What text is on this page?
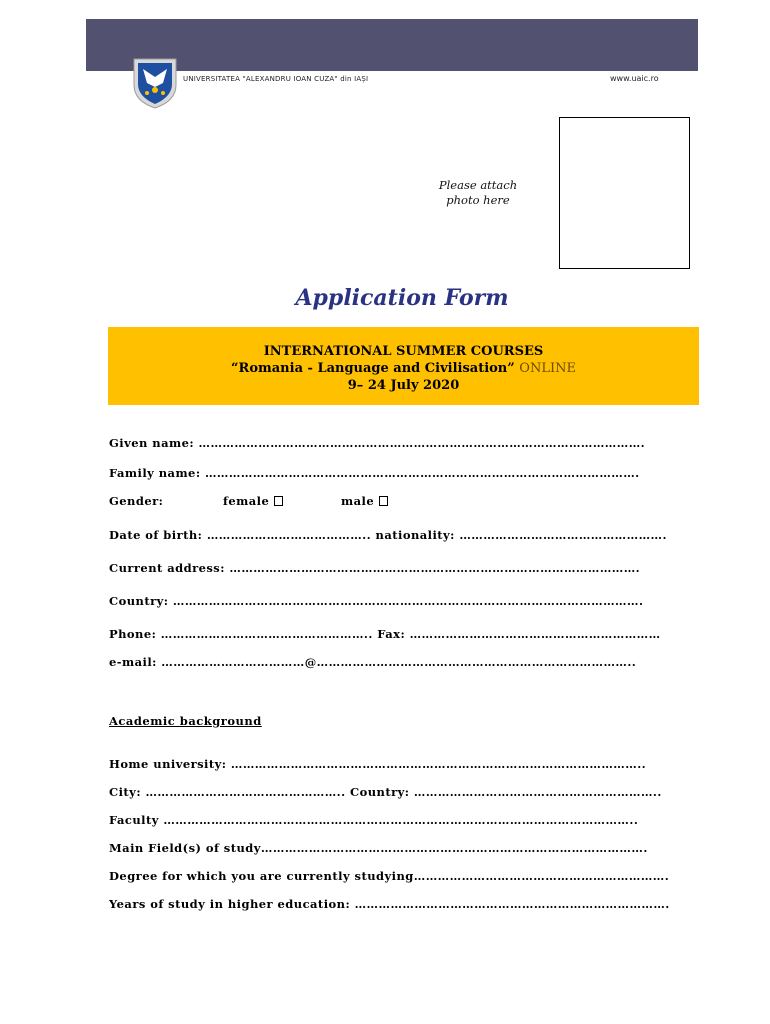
UNIVERSITATEA "ALEXANDRU IOAN CUZA" din IAȘI	www.uaic.ro
Please attach
photo here
Application Form
INTERNATIONAL SUMMER COURSES
“Romania - Language and Civilisation” ONLINE
9– 24 July 2020
Given name: ………………………………………………………………………………………………….
Family name: ……………………………………………………………………………………………….
Gender:	female	male
Date of birth: ………………………………….. nationality: …………………………………………….
Current address: ………………………………………………………………………………………….
Country: ……………………………………………………………………………………………………….
Phone: …………………………………………….. Fax: ………………………………………………………
e-mail: ………………………………@……………………………………………………………………..
Academic background
Home university: …………………………………………………………………………………………..
City: ………………………………………….. Country: ……………………………………………………..
Faculty ………………………………………………………………………………………………………..
Main Field(s) of study…………………………………………………………………………………….
Degree for which you are currently studying……………………………………………………….
Years of study in higher education: …………………………………………………………………….
